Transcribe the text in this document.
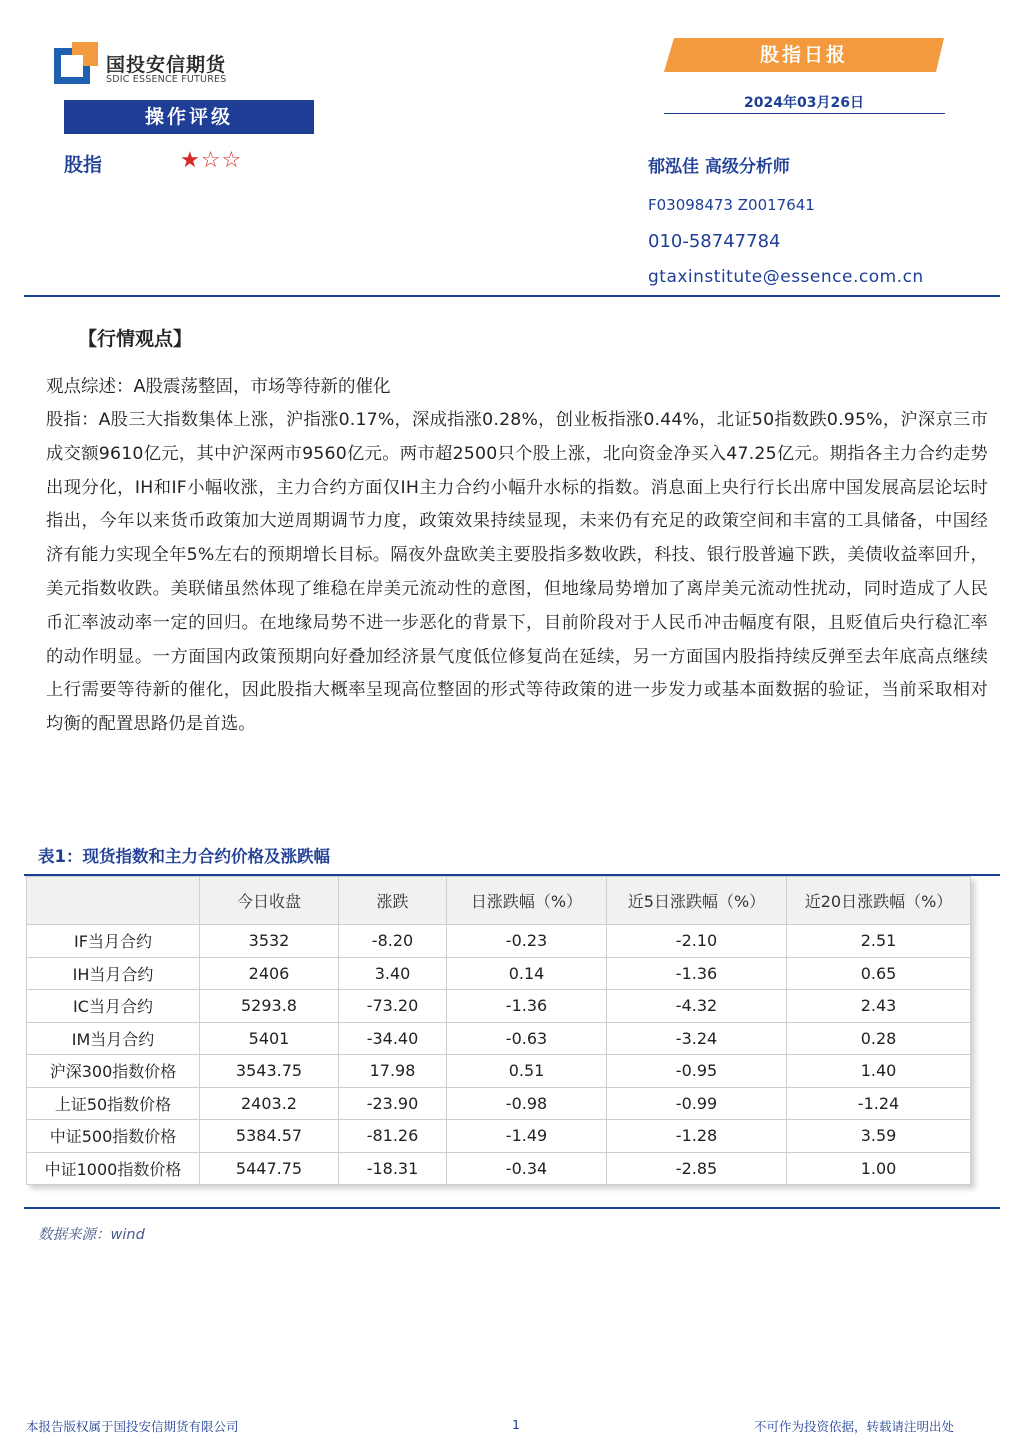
国投安信期货
SDIC ESSENCE FUTURES
操作评级
股指	★☆☆
股指日报
2024年03月26日
郁泓佳 高级分析师
F03098473 Z0017641
010-58747784
gtaxinstitute@essence.com.cn
【行情观点】
观点综述：A股震荡整固，市场等待新的催化

股指：A股三大指数集体上涨，沪指涨0.17%，深成指涨0.28%，创业板指涨0.44%，北证50指数跌0.95%，沪深京三市成交额9610亿元，其中沪深两市9560亿元。两市超2500只个股上涨，北向资金净买入47.25亿元。期指各主力合约走势出现分化，IH和IF小幅收涨，主力合约方面仅IH主力合约小幅升水标的指数。消息面上央行行长出席中国发展高层论坛时指出，今年以来货币政策加大逆周期调节力度，政策效果持续显现，未来仍有充足的政策空间和丰富的工具储备，中国经济有能力实现全年5%左右的预期增长目标。隔夜外盘欧美主要股指多数收跌，科技、银行股普遍下跌，美债收益率回升，美元指数收跌。美联储虽然体现了维稳在岸美元流动性的意图，但地缘局势增加了离岸美元流动性扰动，同时造成了人民币汇率波动率一定的回归。在地缘局势不进一步恶化的背景下，目前阶段对于人民币冲击幅度有限，且贬值后央行稳汇率的动作明显。一方面国内政策预期向好叠加经济景气度低位修复尚在延续，另一方面国内股指持续反弹至去年底高点继续上行需要等待新的催化，因此股指大概率呈现高位整固的形式等待政策的进一步发力或基本面数据的验证，当前采取相对均衡的配置思路仍是首选。

表1：现货指数和主力合约价格及涨跌幅
	今日收盘	涨跌	日涨跌幅（%）	近5日涨跌幅（%）	近20日涨跌幅（%）
IF当月合约	3532	-8.20	-0.23	-2.10	2.51
IH当月合约	2406	3.40	0.14	-1.36	0.65
IC当月合约	5293.8	-73.20	-1.36	-4.32	2.43
IM当月合约	5401	-34.40	-0.63	-3.24	0.28
沪深300指数价格	3543.75	17.98	0.51	-0.95	1.40
上证50指数价格	2403.2	-23.90	-0.98	-0.99	-1.24
中证500指数价格	5384.57	-81.26	-1.49	-1.28	3.59
中证1000指数价格	5447.75	-18.31	-0.34	-2.85	1.00
数据来源：wind
本报告版权属于国投安信期货有限公司	1	不可作为投资依据，转载请注明出处
